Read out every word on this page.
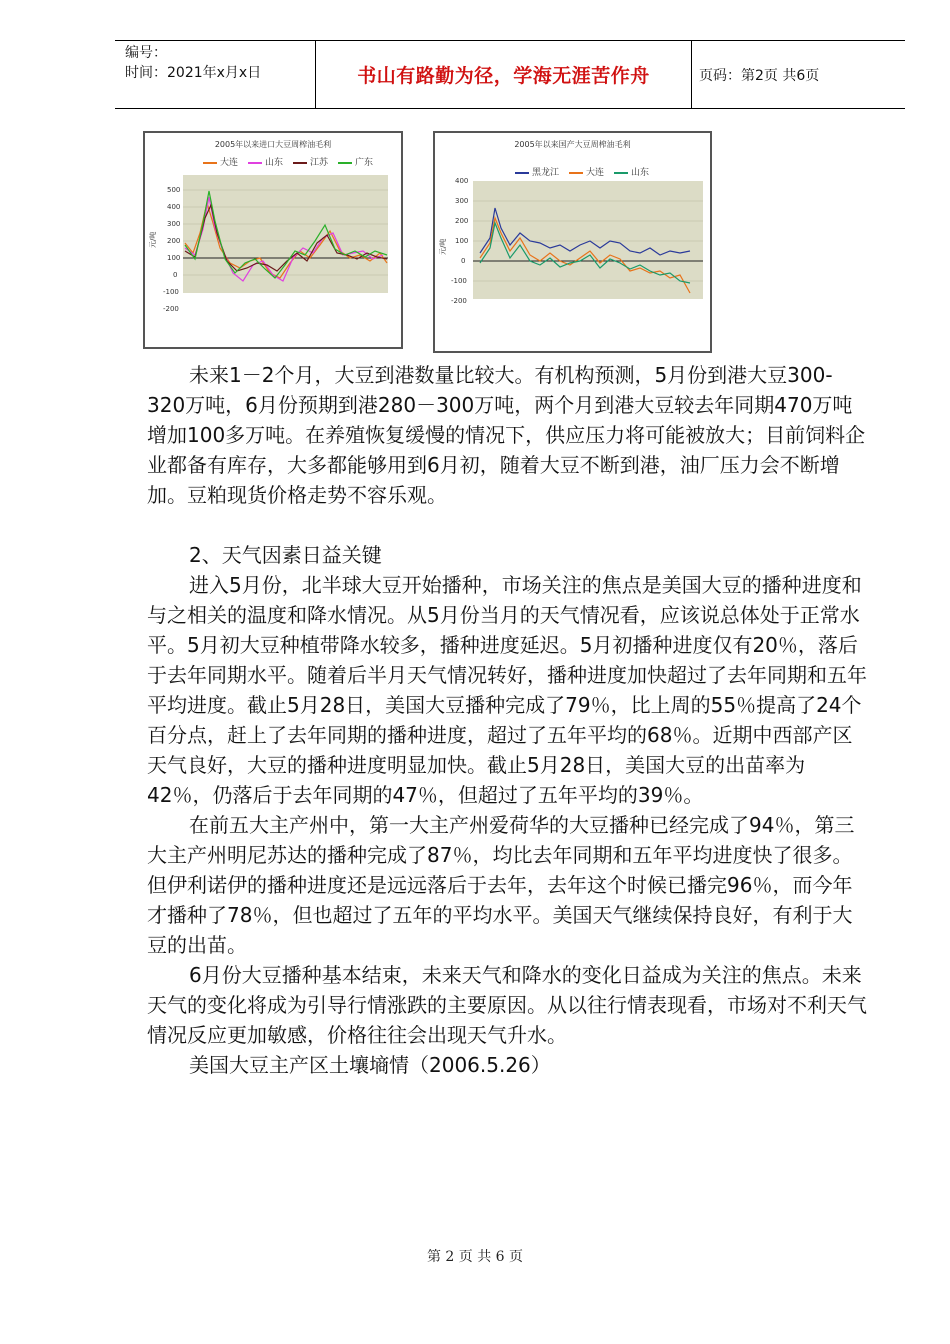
编号：
时间：2021年x月x日	书山有路勤为径，学海无涯苦作舟	页码：第2页 共6页
2005年以来进口大豆周榨油毛利
大连	山东	江苏	广东
500
400
300
200
100
0
-100
-200
元/吨
2005年以来国产大豆周榨油毛利
黑龙江	大连	山东
400
300
200
100
0
-100
-200
元/吨

未来1－2个月，大豆到港数量比较大。有机构预测，5月份到港大豆300-320万吨，6月份预期到港280－300万吨，两个月到港大豆较去年同期470万吨增加100多万吨。在养殖恢复缓慢的情况下，供应压力将可能被放大；目前饲料企业都备有库存，大多都能够用到6月初，随着大豆不断到港，油厂压力会不断增加。豆粕现货价格走势不容乐观。

2、天气因素日益关键

进入5月份，北半球大豆开始播种，市场关注的焦点是美国大豆的播种进度和与之相关的温度和降水情况。从5月份当月的天气情况看，应该说总体处于正常水平。5月初大豆种植带降水较多，播种进度延迟。5月初播种进度仅有20％，落后于去年同期水平。随着后半月天气情况转好，播种进度加快超过了去年同期和五年平均进度。截止5月28日，美国大豆播种完成了79％，比上周的55％提高了24个百分点，赶上了去年同期的播种进度，超过了五年平均的68％。近期中西部产区天气良好，大豆的播种进度明显加快。截止5月28日，美国大豆的出苗率为42％，仍落后于去年同期的47％，但超过了五年平均的39％。

在前五大主产州中，第一大主产州爱荷华的大豆播种已经完成了94％，第三大主产州明尼苏达的播种完成了87％，均比去年同期和五年平均进度快了很多。但伊利诺伊的播种进度还是远远落后于去年，去年这个时候已播完96％，而今年才播种了78％，但也超过了五年的平均水平。美国天气继续保持良好，有利于大豆的出苗。

6月份大豆播种基本结束，未来天气和降水的变化日益成为关注的焦点。未来天气的变化将成为引导行情涨跌的主要原因。从以往行情表现看，市场对不利天气情况反应更加敏感，价格往往会出现天气升水。

美国大豆主产区土壤墒情（2006.5.26）

第 2 页 共 6 页
